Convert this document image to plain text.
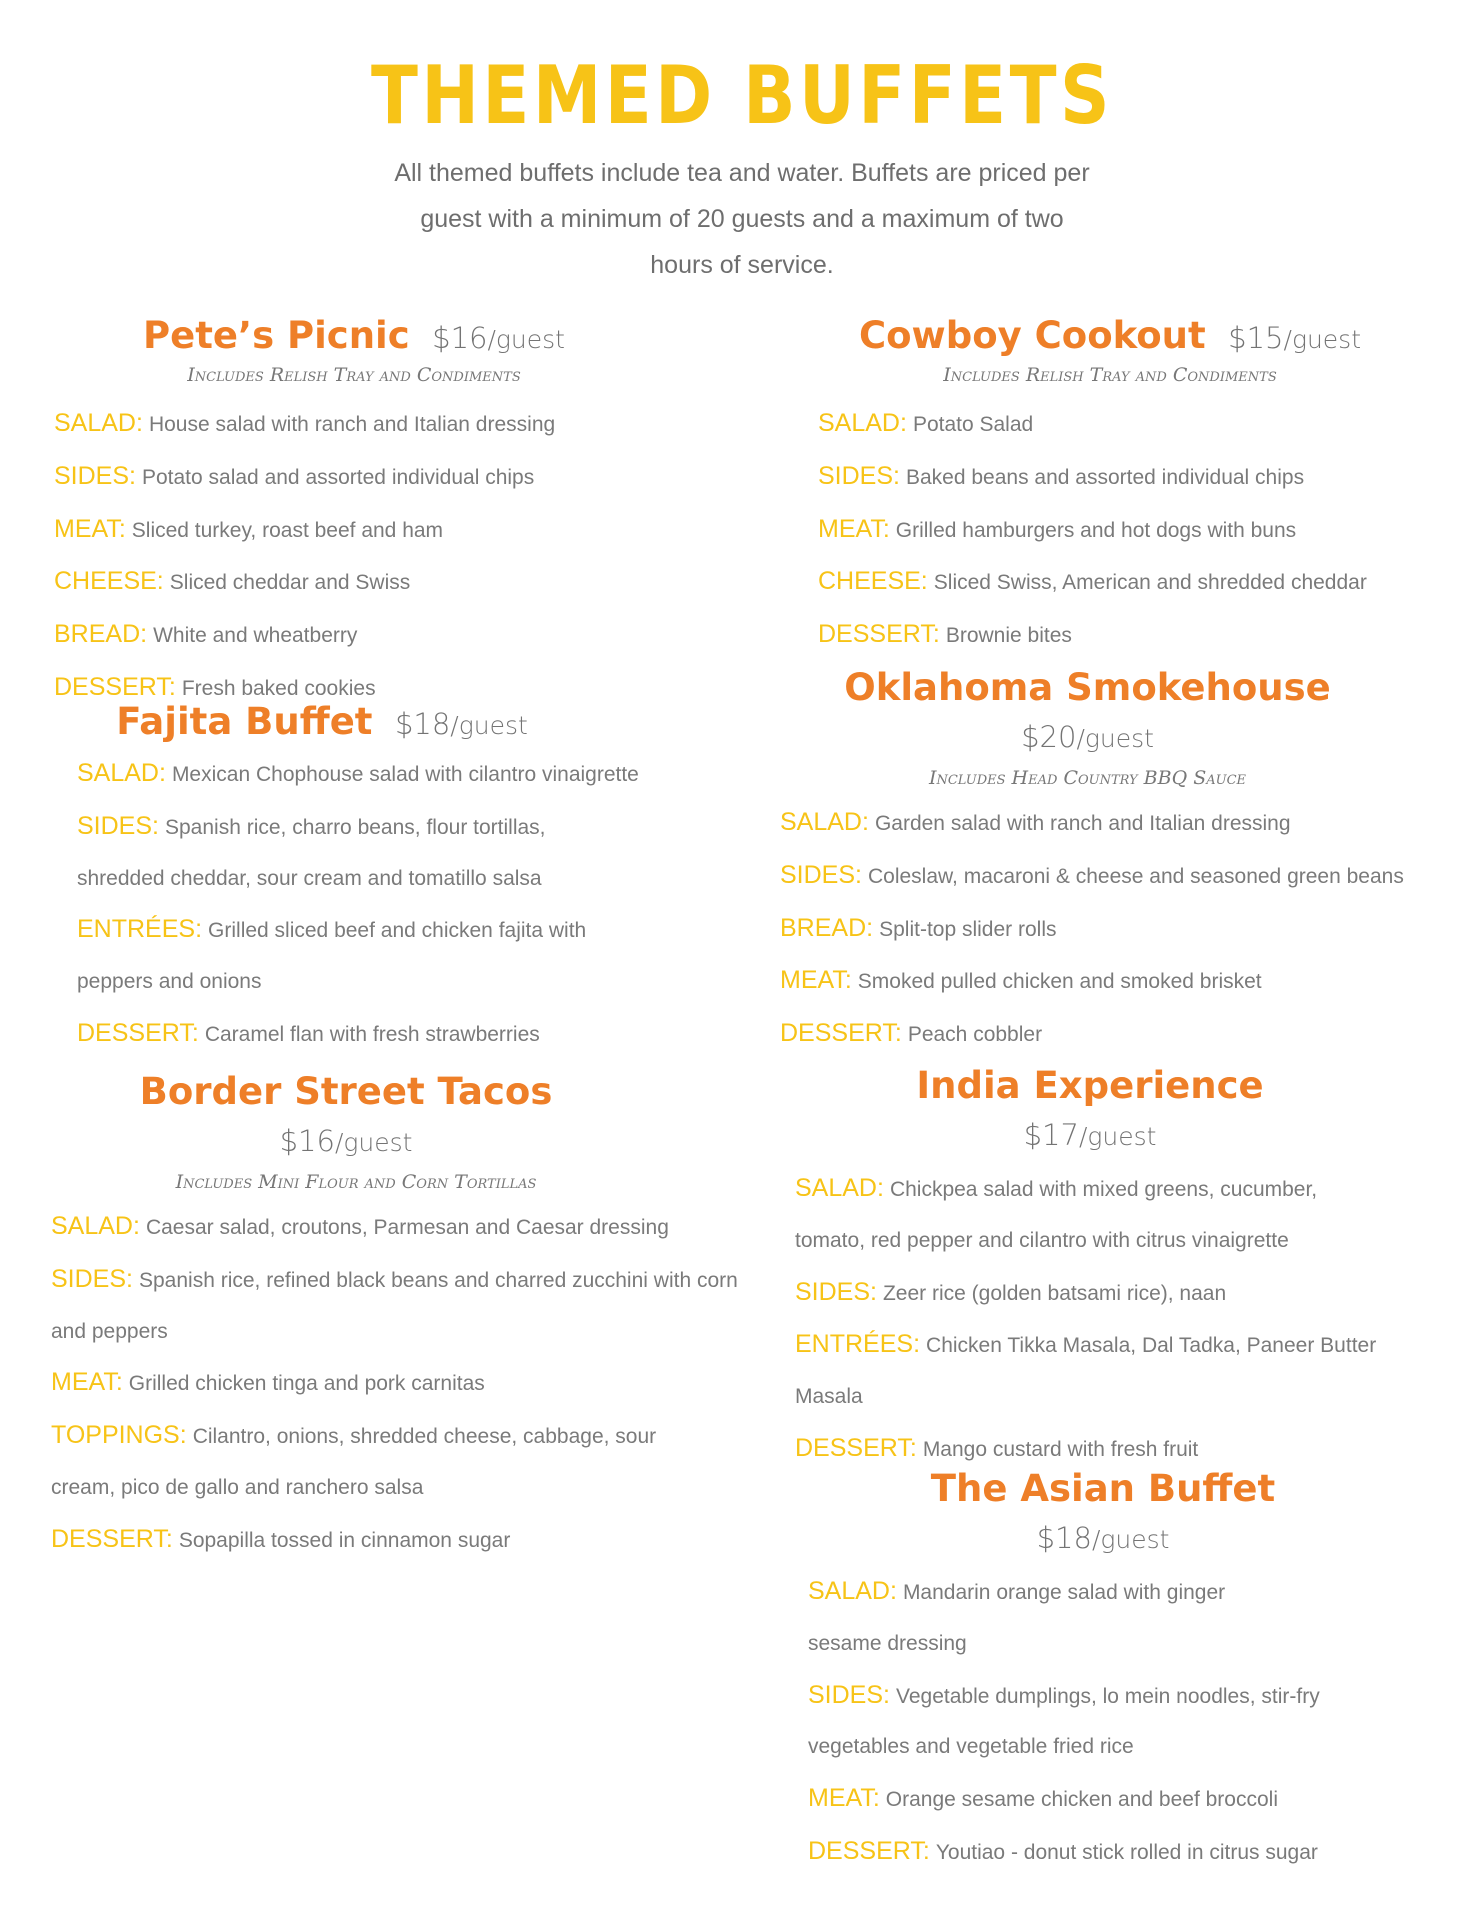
THEMED BUFFETS
All themed buffets include tea and water. Buffets are priced per guest with a minimum of 20 guests and a maximum of two hours of service.
Pete’s Picnic $16/guest
Includes Relish Tray and Condiments
SALAD: House salad with ranch and Italian dressing
SIDES: Potato salad and assorted individual chips
MEAT: Sliced turkey, roast beef and ham
CHEESE: Sliced cheddar and Swiss
BREAD: White and wheatberry
DESSERT: Fresh baked cookies
Fajita Buffet $18/guest
SALAD: Mexican Chophouse salad with cilantro vinaigrette
SIDES: Spanish rice, charro beans, flour tortillas, shredded cheddar, sour cream and tomatillo salsa
ENTRÉES: Grilled sliced beef and chicken fajita with peppers and onions
DESSERT: Caramel flan with fresh strawberries
Border Street Tacos
$16/guest
Includes Mini Flour and Corn Tortillas
SALAD: Caesar salad, croutons, Parmesan and Caesar dressing
SIDES: Spanish rice, refined black beans and charred zucchini with corn and peppers
MEAT: Grilled chicken tinga and pork carnitas
TOPPINGS: Cilantro, onions, shredded cheese, cabbage, sour cream, pico de gallo and ranchero salsa
DESSERT: Sopapilla tossed in cinnamon sugar
Cowboy Cookout $15/guest
Includes Relish Tray and Condiments
SALAD: Potato Salad
SIDES: Baked beans and assorted individual chips
MEAT: Grilled hamburgers and hot dogs with buns
CHEESE: Sliced Swiss, American and shredded cheddar
DESSERT: Brownie bites
Oklahoma Smokehouse
$20/guest
Includes Head Country BBQ Sauce
SALAD: Garden salad with ranch and Italian dressing
SIDES: Coleslaw, macaroni & cheese and seasoned green beans
BREAD: Split-top slider rolls
MEAT: Smoked pulled chicken and smoked brisket
DESSERT: Peach cobbler
India Experience
$17/guest
SALAD: Chickpea salad with mixed greens, cucumber, tomato, red pepper and cilantro with citrus vinaigrette
SIDES: Zeer rice (golden batsami rice), naan
ENTRÉES: Chicken Tikka Masala, Dal Tadka, Paneer Butter Masala
DESSERT: Mango custard with fresh fruit
The Asian Buffet
$18/guest
SALAD: Mandarin orange salad with ginger sesame dressing
SIDES: Vegetable dumplings, lo mein noodles, stir-fry vegetables and vegetable fried rice
MEAT: Orange sesame chicken and beef broccoli
DESSERT: Youtiao - donut stick rolled in citrus sugar
